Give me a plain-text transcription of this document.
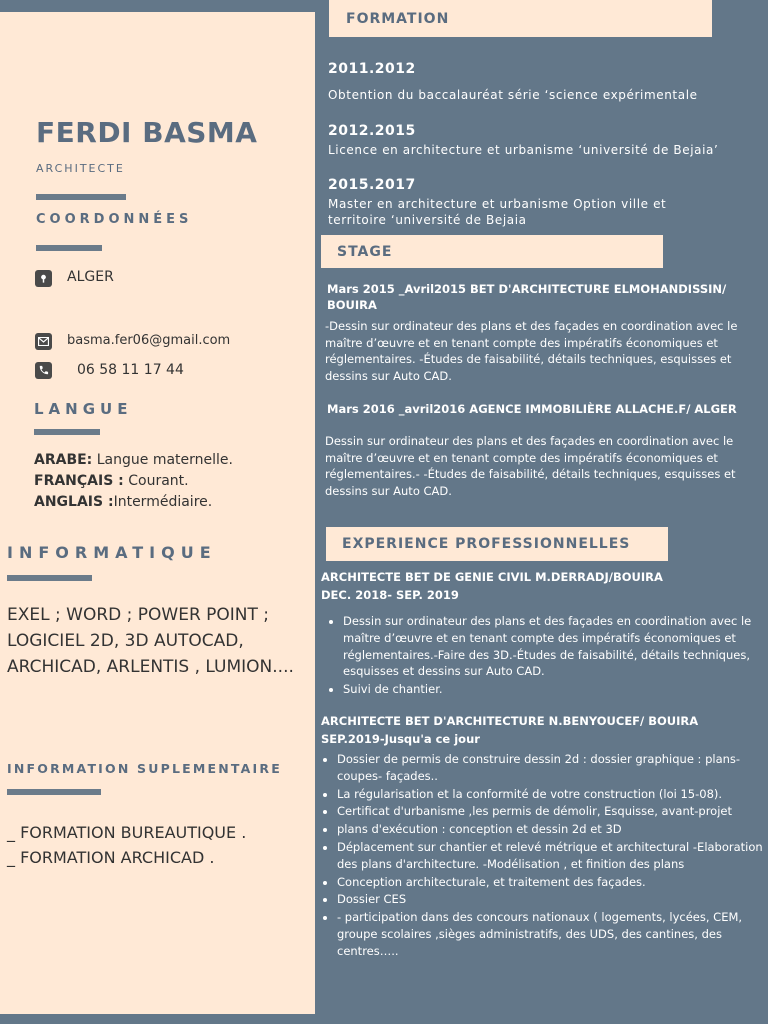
FERDI BASMA
ARCHITECTE
COORDONNÉES
ALGER
basma.fer06@gmail.com
06 58 11 17 44
LANGUE
ARABE: Langue maternelle.
FRANÇAIS : Courant.
ANGLAIS :Intermédiaire.
INFORMATIQUE
EXEL ; WORD ; POWER POINT ; LOGICIEL 2D, 3D AUTOCAD, ARCHICAD, ARLENTIS , LUMION....
INFORMATION SUPLEMENTAIRE
_ FORMATION BUREAUTIQUE .
_ FORMATION ARCHICAD .
FORMATION
2011.2012
Obtention du baccalauréat série ‘science expérimentale
2012.2015
Licence en architecture et urbanisme ‘université de Bejaia’
2015.2017
Master en architecture et urbanisme Option ville et territoire ‘université de Bejaia
STAGE
Mars 2015 _Avril2015 BET D'ARCHITECTURE ELMOHANDISSIN/ BOUIRA
-Dessin sur ordinateur des plans et des façades en coordination avec le maître d’œuvre et en tenant compte des impératifs économiques et réglementaires. -Études de faisabilité, détails techniques, esquisses et dessins sur Auto CAD.
Mars 2016 _avril2016 AGENCE IMMOBILIÈRE ALLACHE.F/ ALGER
Dessin sur ordinateur des plans et des façades en coordination avec le maître d’œuvre et en tenant compte des impératifs économiques et réglementaires.- -Études de faisabilité, détails techniques, esquisses et dessins sur Auto CAD.
EXPERIENCE PROFESSIONNELLES
ARCHITECTE BET DE GENIE CIVIL M.DERRADJ/BOUIRA
DEC. 2018- SEP. 2019
• Dessin sur ordinateur des plans et des façades en coordination avec le maître d’œuvre et en tenant compte des impératifs économiques et réglementaires.-Faire des 3D.-Études de faisabilité, détails techniques, esquisses et dessins sur Auto CAD.
• Suivi de chantier.
ARCHITECTE BET D'ARCHITECTURE N.BENYOUCEF/ BOUIRA
SEP.2019-Jusqu'a ce jour
• Dossier de permis de construire dessin 2d : dossier graphique : plans- coupes- façades..
• La régularisation et la conformité de votre construction (loi 15-08).
• Certificat d'urbanisme ,les permis de démolir, Esquisse, avant-projet
• plans d'exécution : conception et dessin 2d et 3D
• Déplacement sur chantier et relevé métrique et architectural -Elaboration des plans d'architecture. -Modélisation , et finition des plans
• Conception architecturale, et traitement des façades.
• Dossier CES
• - participation dans des concours nationaux ( logements, lycées, CEM, groupe scolaires ,sièges administratifs, des UDS, des cantines, des centres…..
